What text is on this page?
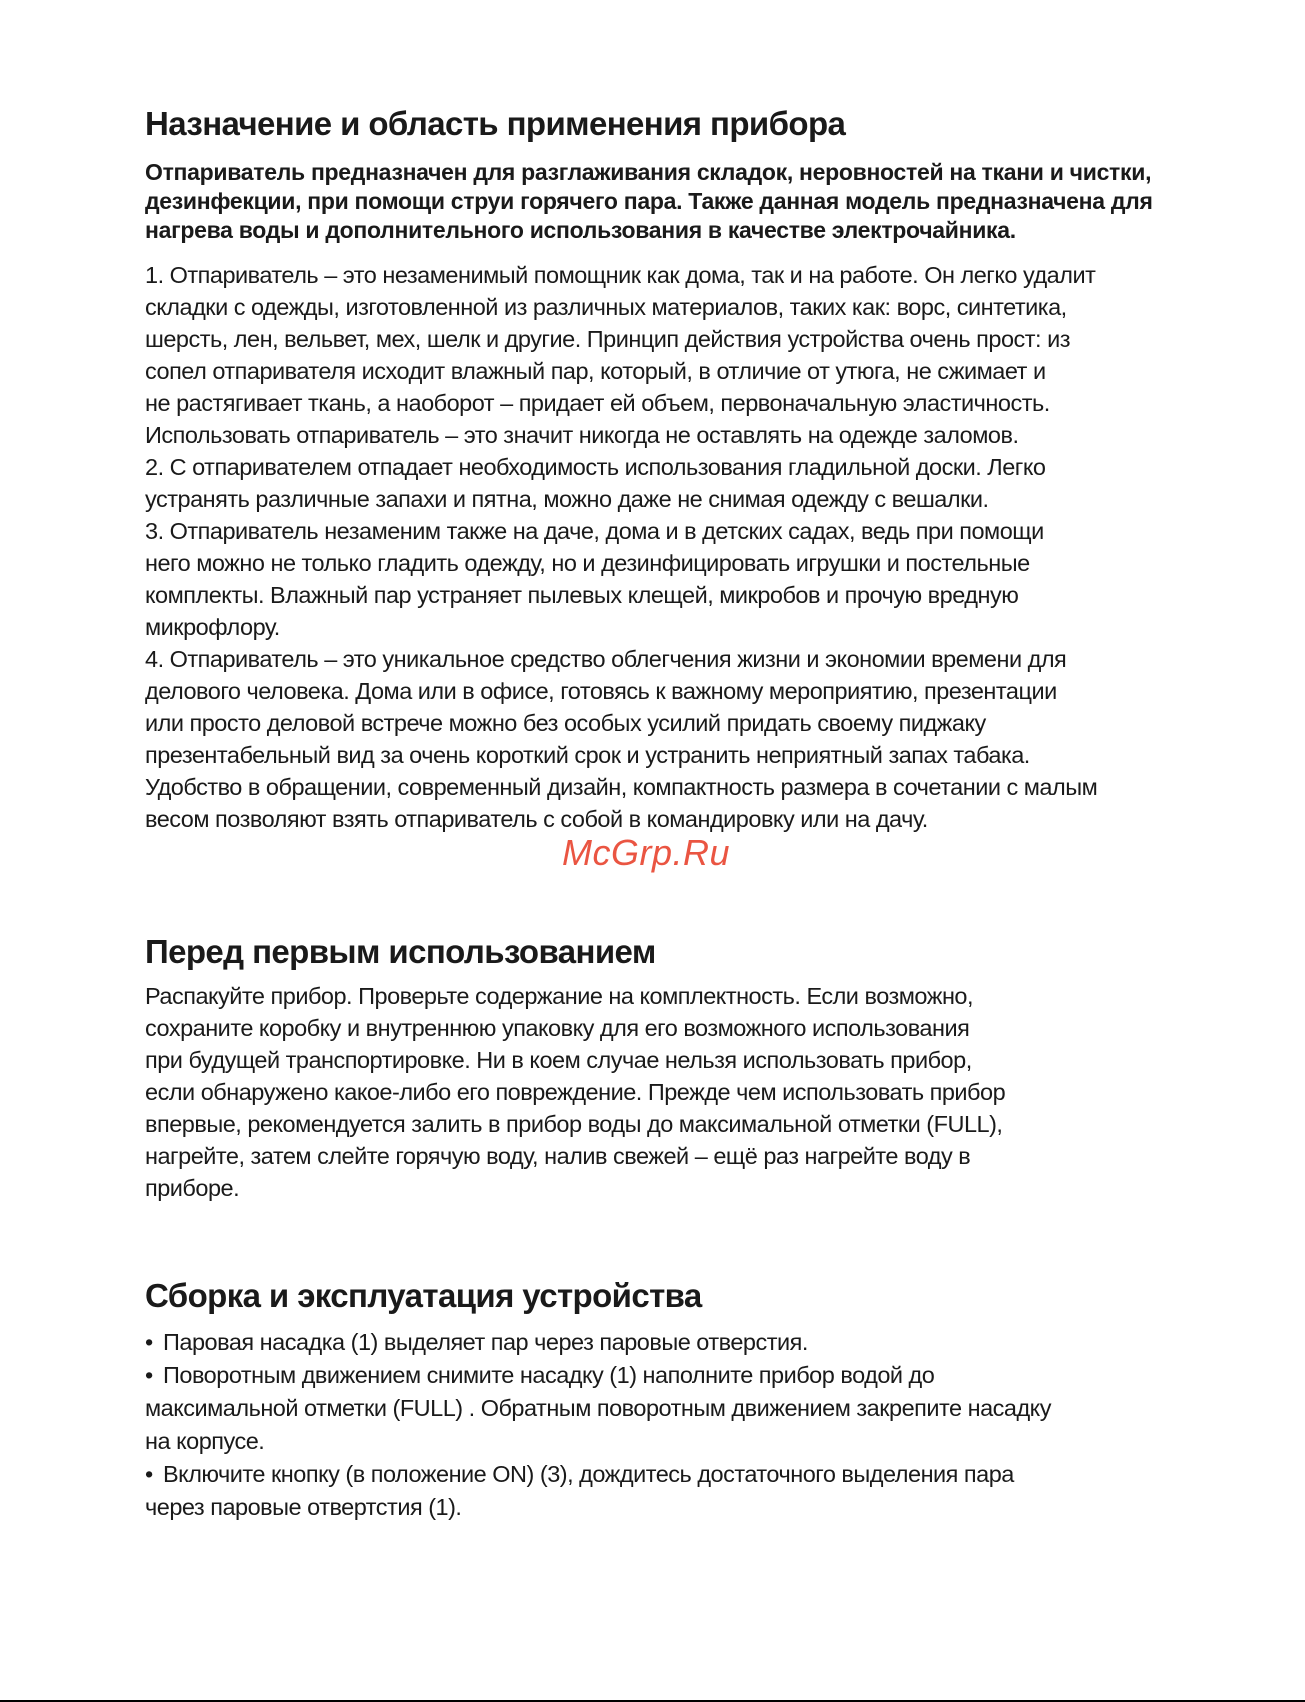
Назначение и область применения прибора

Отпариватель предназначен для разглаживания складок, неровностей на ткани и чистки, дезинфекции, при помощи струи горячего пара. Также данная модель предназначена для нагрева воды и дополнительного использования в качестве электрочайника.

1. Отпариватель – это незаменимый помощник как дома, так и на работе. Он легко удалит

складки с одежды, изготовленной из различных материалов, таких как: ворс, синтетика,

шерсть, лен, вельвет, мех, шелк и другие. Принцип действия устройства очень прост: из

сопел отпаривателя исходит влажный пар, который, в отличие от утюга, не сжимает и

не растягивает ткань, а наоборот – придает ей объем, первоначальную эластичность.

Использовать отпариватель – это значит никогда не оставлять на одежде заломов.

2. С отпаривателем отпадает необходимость использования гладильной доски. Легко

устранять различные запахи и пятна, можно даже не снимая одежду с вешалки.

3. Отпариватель незаменим также на даче, дома и в детских садах, ведь при помощи

него можно не только гладить одежду, но и дезинфицировать игрушки и постельные

комплекты. Влажный пар устраняет пылевых клещей, микробов и прочую вредную

микрофлору.

4. Отпариватель – это уникальное средство облегчения жизни и экономии времени для

делового человека. Дома или в офисе, готовясь к важному мероприятию, презентации

или просто деловой встрече можно без особых усилий придать своему пиджаку

презентабельный вид за очень короткий срок и устранить неприятный запах табака.

Удобство в обращении, современный дизайн, компактность размера в сочетании с малым

весом позволяют взять отпариватель с собой в командировку или на дачу.

Перед первым использованием

Распакуйте прибор. Проверьте содержание на комплектность. Если возможно,

сохраните коробку и внутреннюю упаковку для его возможного использования

при будущей транспортировке. Ни в коем случае нельзя использовать прибор,

если обнаружено какое-либо его повреждение. Прежде чем использовать прибор

впервые, рекомендуется залить в прибор воды до максимальной отметки (FULL),

нагрейте, затем слейте горячую воду, налив свежей – ещё раз нагрейте воду в

приборе.

Сборка и эксплуатация устройства

• Паровая насадка (1) выделяет пар через паровые отверстия.

• Поворотным движением снимите насадку (1) наполните прибор водой до

максимальной отметки (FULL) . Обратным поворотным движением закрепите насадку

на корпусе.

• Включите кнопку (в положение ON) (3), дождитесь достаточного выделения пара

через паровые отвертстия (1).

McGrp.Ru
